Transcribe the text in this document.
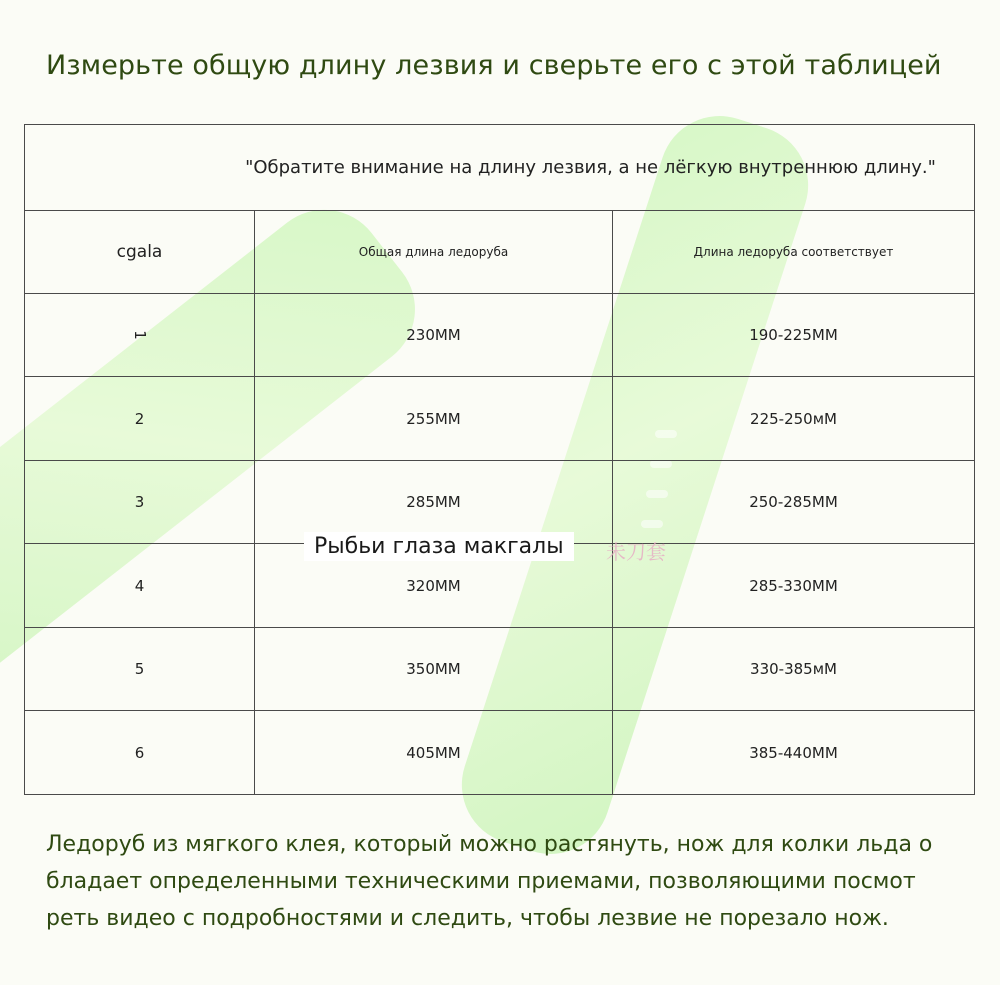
Измерьте общую длину лезвия и сверьте его с этой таблицей
"Обратите внимание на длину лезвия, а не лёгкую внутреннюю длину."		

cgala	Общая длина ледоруба	Длина ледоруба соответствует
1	230MM	190-225MM
2	255MM	225-250мM
3	285MM	250-285MM
4	320MM	285-330MM
5	350MM	330-385мM
6	405MM	385-440MM
Рыбьи глаза макгалы	未刀套
Ледоруб из мягкого клея, который можно растянуть, нож для колки льда о
бладает определенными техническими приемами, позволяющими посмот
реть видео с подробностями и следить, чтобы лезвие не порезало нож.
